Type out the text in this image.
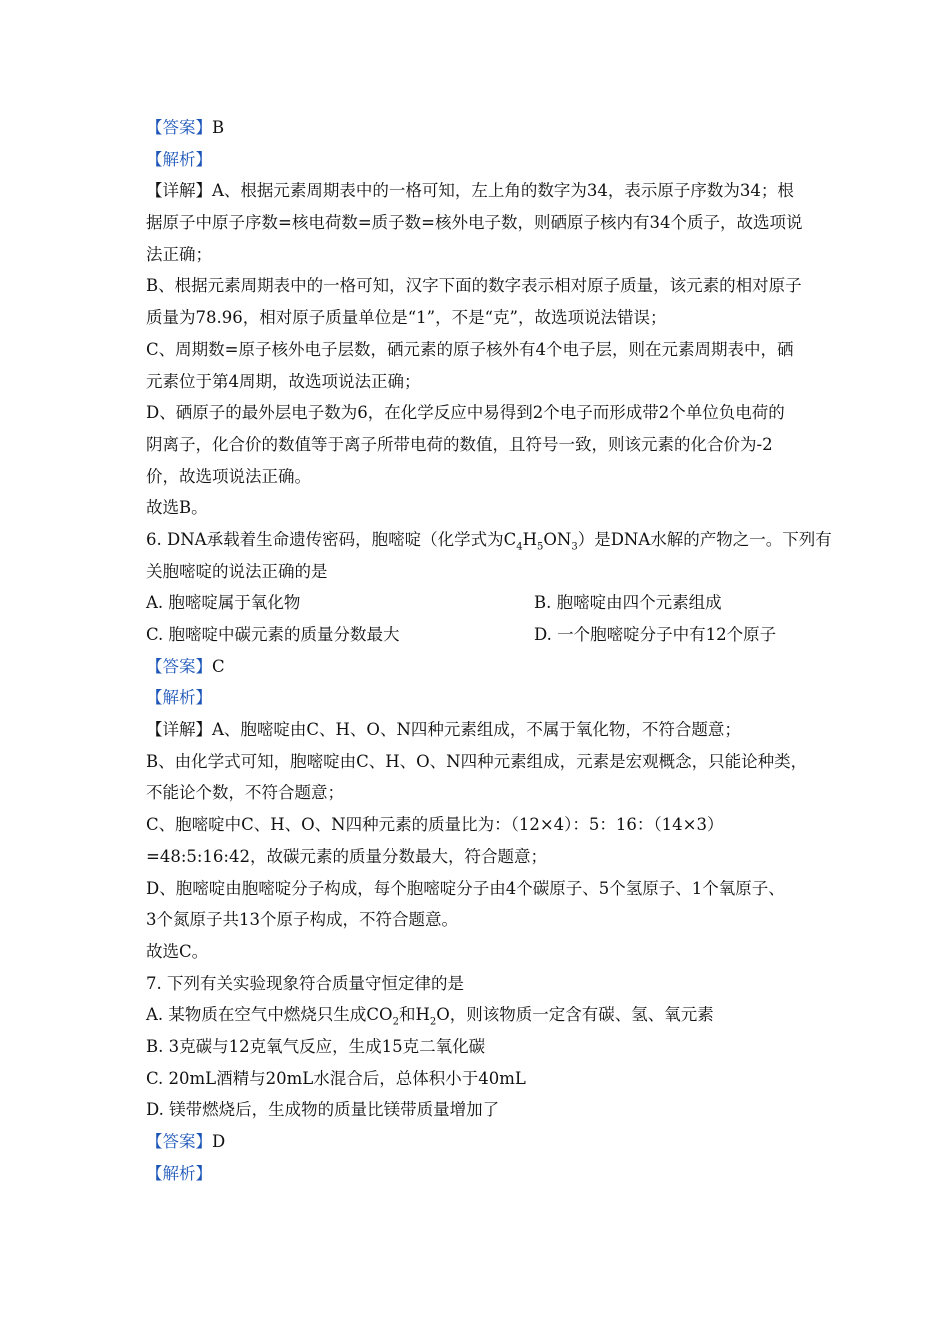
【答案】B
【解析】
【详解】A、根据元素周期表中的一格可知，左上角的数字为34，表示原子序数为34；根
据原子中原子序数=核电荷数=质子数=核外电子数，则硒原子核内有34个质子，故选项说
法正确；
B、根据元素周期表中的一格可知，汉字下面的数字表示相对原子质量，该元素的相对原子
质量为78.96，相对原子质量单位是“1”，不是“克”，故选项说法错误；
C、周期数=原子核外电子层数，硒元素的原子核外有4个电子层，则在元素周期表中，硒
元素位于第4周期，故选项说法正确；
D、硒原子的最外层电子数为6，在化学反应中易得到2个电子而形成带2个单位负电荷的
阴离子，化合价的数值等于离子所带电荷的数值，且符号一致，则该元素的化合价为-2
价，故选项说法正确。
故选B。
6. DNA承载着生命遗传密码，胞嘧啶（化学式为$C_4H_5ON_3$）是DNA水解的产物之一。下列有
关胞嘧啶的说法正确的是
A. 胞嘧啶属于氧化物	B. 胞嘧啶由四个元素组成
C. 胞嘧啶中碳元素的质量分数最大	D. 一个胞嘧啶分子中有12个原子
【答案】C
【解析】
【详解】A、胞嘧啶由C、H、O、N四种元素组成，不属于氧化物，不符合题意；
B、由化学式可知，胞嘧啶由C、H、O、N四种元素组成，元素是宏观概念，只能论种类，
不能论个数，不符合题意；
C、胞嘧啶中C、H、O、N四种元素的质量比为：（12×4）：5：16：（14×3）
=48:5:16:42，故碳元素的质量分数最大，符合题意；
D、胞嘧啶由胞嘧啶分子构成，每个胞嘧啶分子由4个碳原子、5个氢原子、1个氧原子、
3个氮原子共13个原子构成，不符合题意。
故选C。
7. 下列有关实验现象符合质量守恒定律的是
A. 某物质在空气中燃烧只生成$CO_2$和$H_2O$，则该物质一定含有碳、氢、氧元素
B. 3克碳与12克氧气反应，生成15克二氧化碳
C. 20mL酒精与20mL水混合后，总体积小于40mL
D. 镁带燃烧后，生成物的质量比镁带质量增加了
【答案】D
【解析】
